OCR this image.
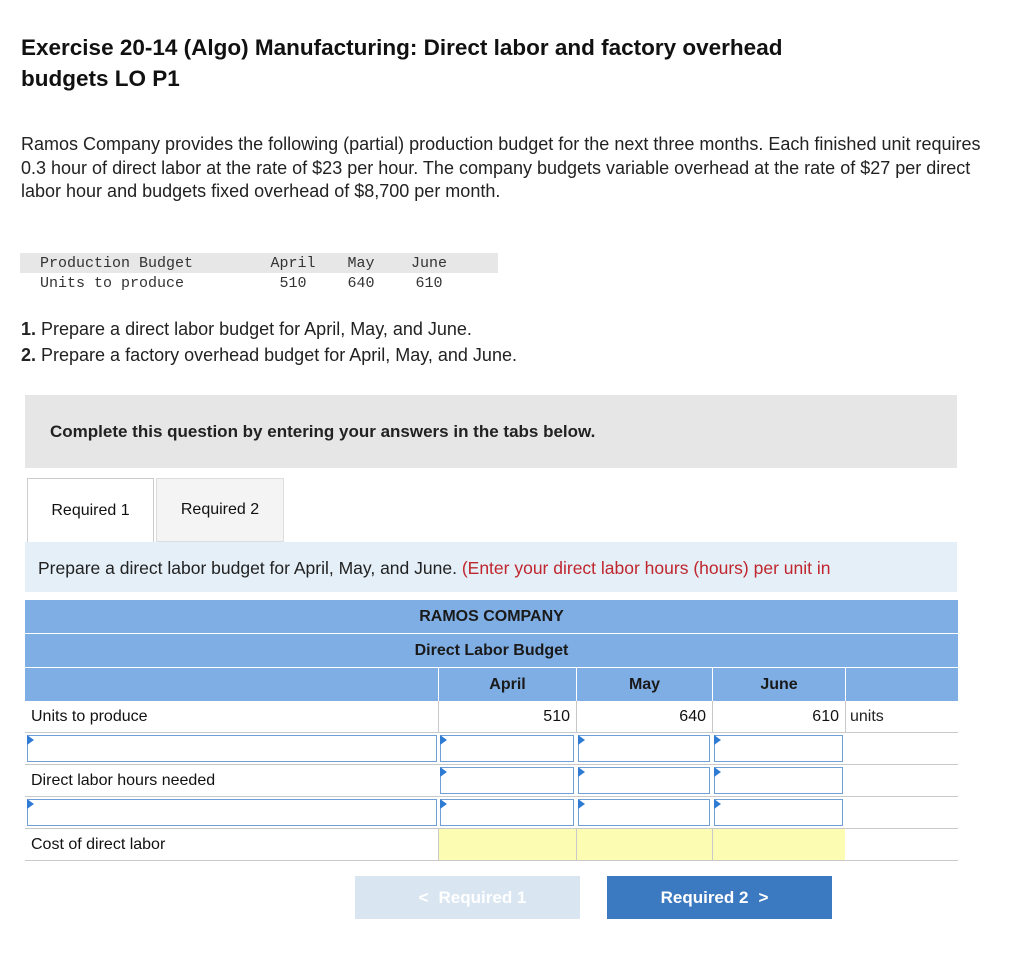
Exercise 20-14 (Algo) Manufacturing: Direct labor and factory overhead
budgets LO P1
Ramos Company provides the following (partial) production budget for the next three months. Each finished unit requires 0.3 hour of direct labor at the rate of $23 per hour. The company budgets variable overhead at the rate of $27 per direct labor hour and budgets fixed overhead of $8,700 per month.
Production Budget	April	May	June
Units to produce	510	640	610
1. Prepare a direct labor budget for April, May, and June.
2. Prepare a factory overhead budget for April, May, and June.
Complete this question by entering your answers in the tabs below.
Required 1	Required 2
Prepare a direct labor budget for April, May, and June. (Enter your direct labor hours (hours) per unit in
RAMOS COMPANY
Direct Labor Budget
April	May	June
Units to produce	510	640	610 units
Direct labor hours needed
Cost of direct labor
< Required 1	Required 2 >
